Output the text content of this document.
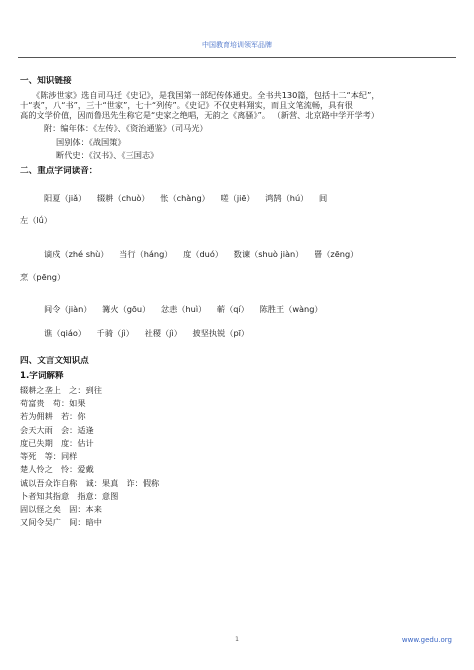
中国教育培训领军品牌
一、知识链接
《陈涉世家》选自司马迁《史记》，是我国第一部纪传体通史。全书共130篇，包括十二“本纪”，
十“表”，八“书”，三十“世家”，七十“列传”。《史记》不仅史料翔实，而且文笔流畅，具有很
高的文学价值，因而鲁迅先生称它是“史家之绝唱，无韵之《离骚》”。 （新营、北京路中学开学考）
附：编年体：《左传》、《资治通鉴》（司马光）
国别体：《战国策》
断代史：《汉书》、《三国志》
二、重点字词读音：
阳夏（jiǎ） 辍耕（chuò） 怅（chàng） 嗟（jiē） 鸿鹄（hú） 闾
左（lǘ）
谪戍（zhé shù） 当行（háng） 度（duó） 数谏（shuò jiàn） 罾（zēng）
烹（pēng）
间令（jiàn） 篝火（gōu） 忿恚（huì） 蕲（qí） 陈胜王（wàng）
谯（qiáo） 千骑（jì） 社稷（jì） 披坚执锐（pī）
四、文言文知识点
1.字词解释
辍耕之垄上　之：到往
苟富贵　苟：如果
若为佣耕　若：你
会天大雨　会：适逢
度已失期　度：估计
等死　等：同样
楚人怜之　怜：爱戴
诚以吾众诈自称　诚：果真　诈：假称
卜者知其指意　指意：意图
固以怪之矣　固：本来
又间令吴广　间：暗中
1	www.gedu.org
